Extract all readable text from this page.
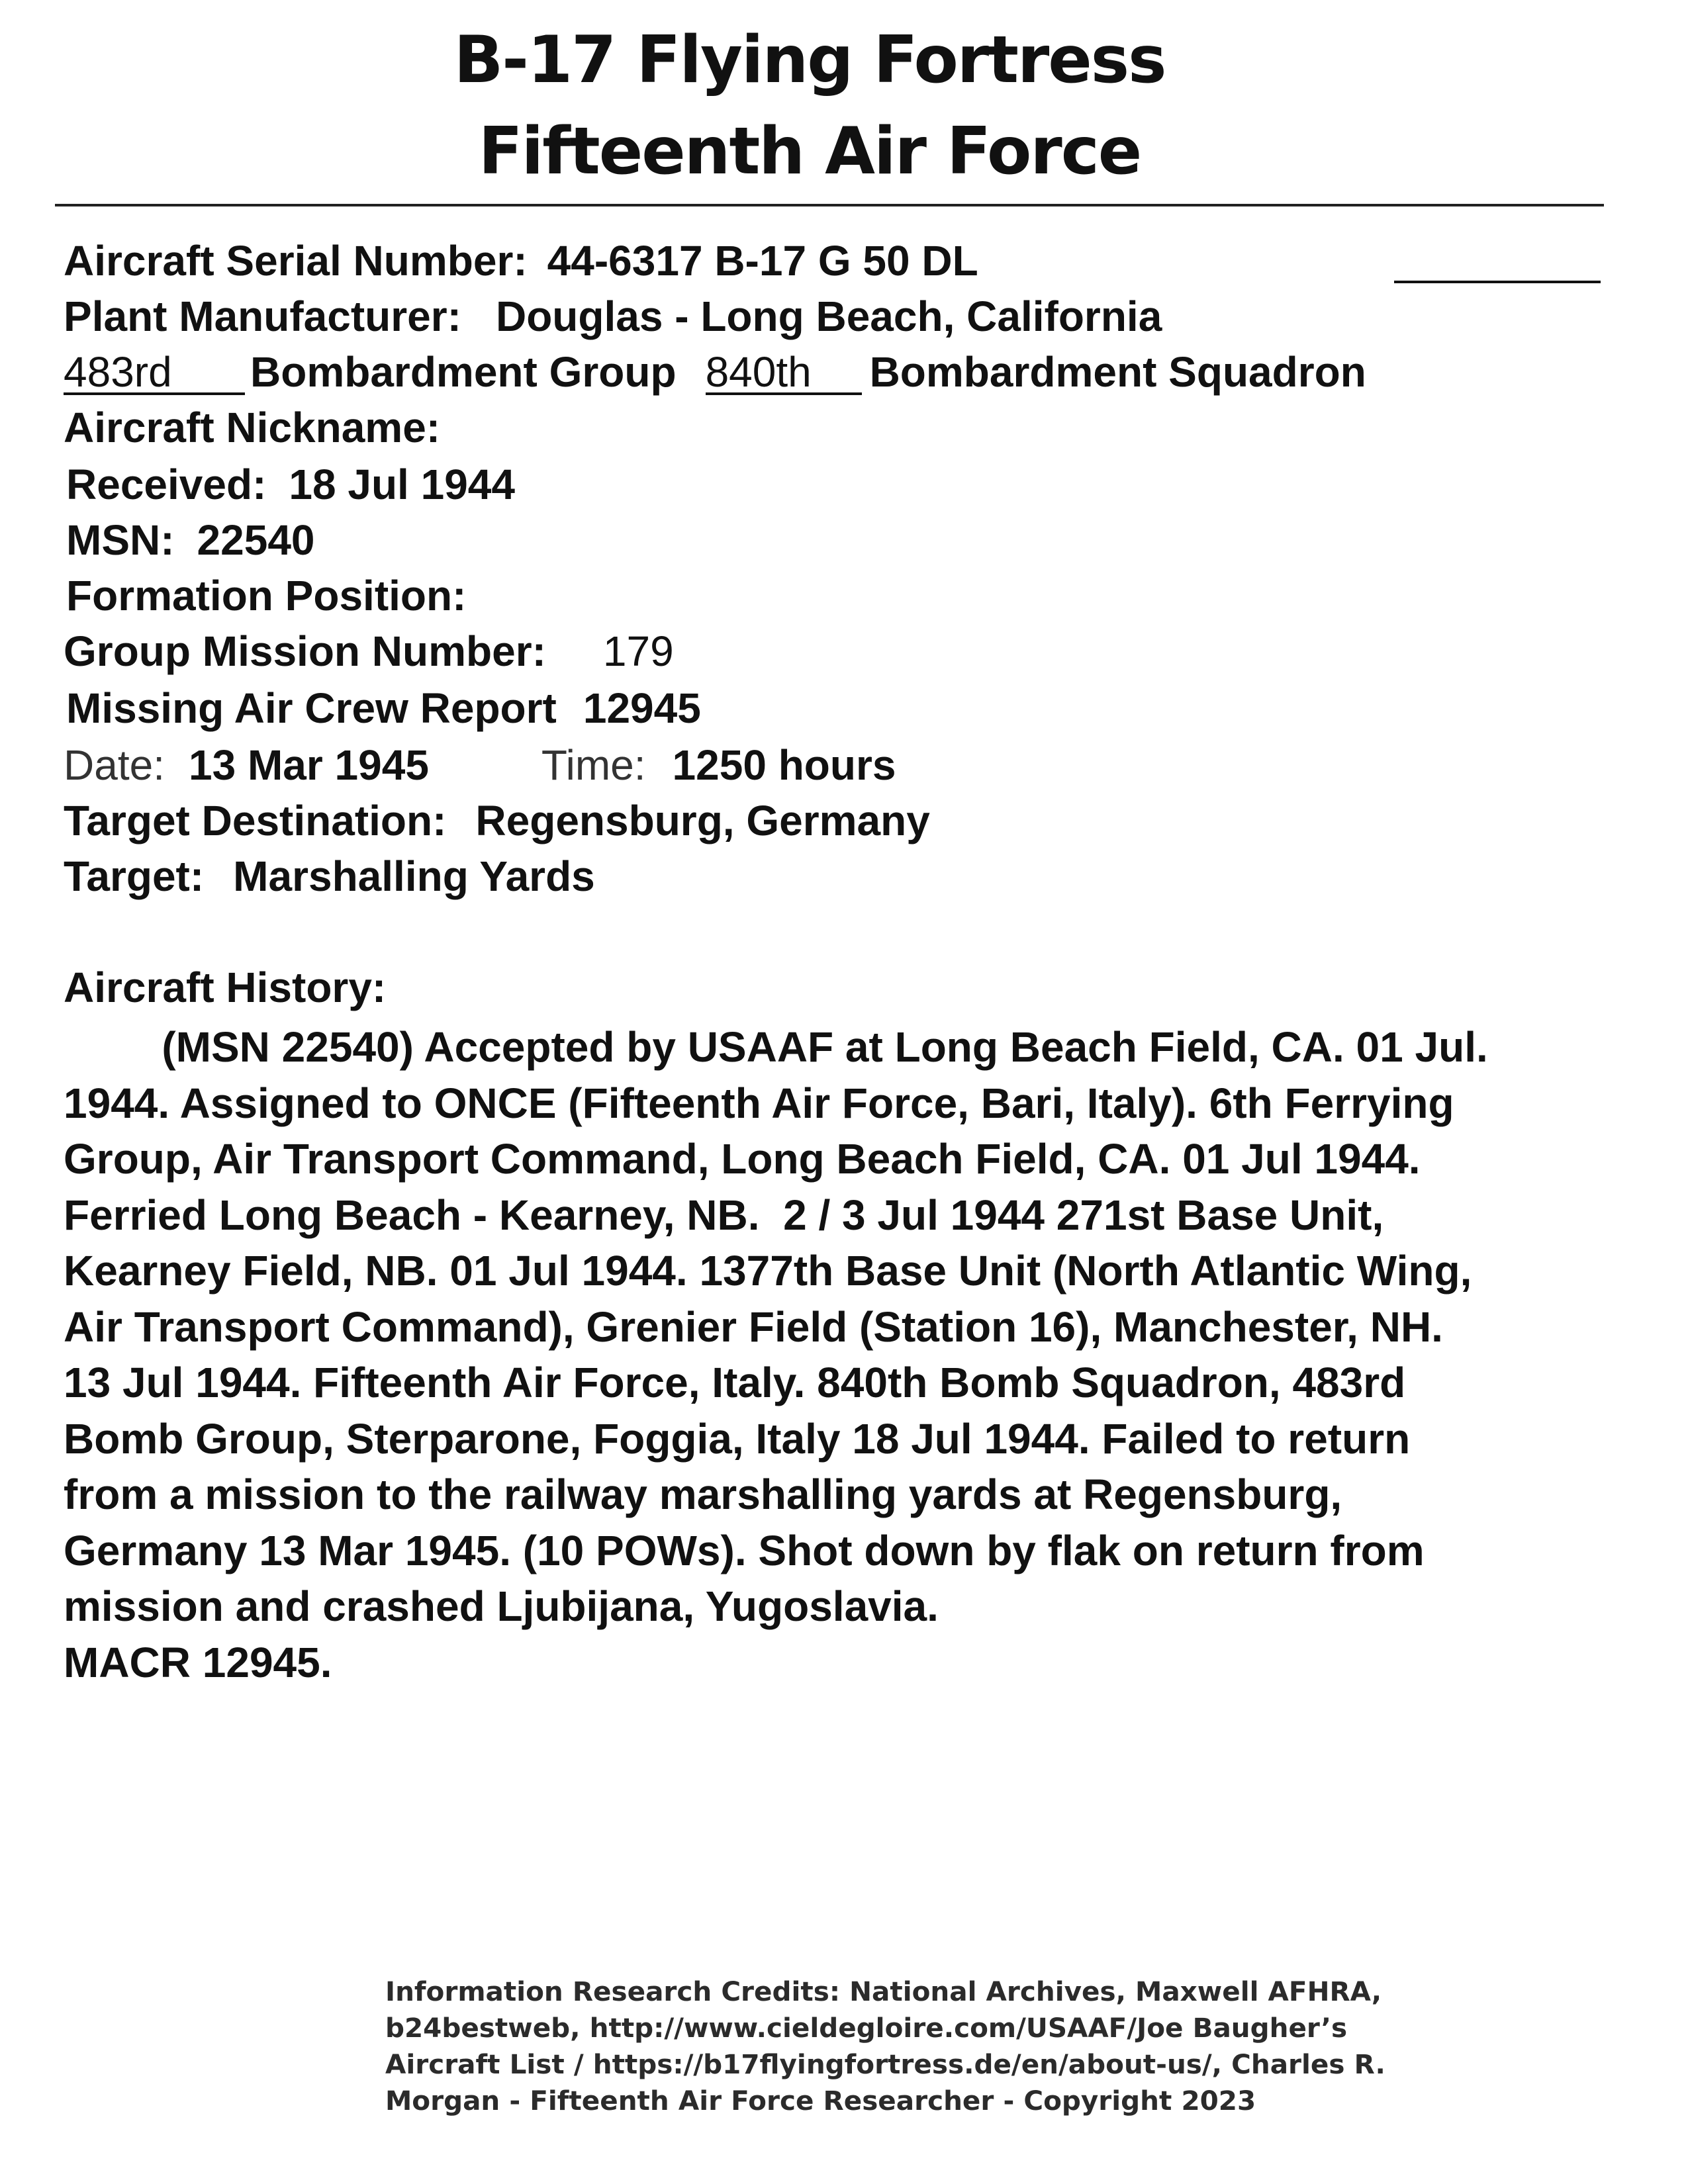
B-17 Flying Fortress
Fifteenth Air Force
Aircraft Serial Number: 44-6317 B-17 G 50 DL
Plant Manufacturer: Douglas - Long Beach, California
483rd Bombardment Group 840th Bombardment Squadron
Aircraft Nickname:
Received: 18 Jul 1944
MSN: 22540
Formation Position:
Group Mission Number: 179
Missing Air Crew Report 12945
Date: 13 Mar 1945	Time: 1250 hours
Target Destination: Regensburg, Germany
Target: Marshalling Yards
Aircraft History:
(MSN 22540) Accepted by USAAF at Long Beach Field, CA. 01 Jul.
1944. Assigned to ONCE (Fifteenth Air Force, Bari, Italy). 6th Ferrying
Group, Air Transport Command, Long Beach Field, CA. 01 Jul 1944.
Ferried Long Beach - Kearney, NB.  2 / 3 Jul 1944 271st Base Unit,
Kearney Field, NB. 01 Jul 1944. 1377th Base Unit (North Atlantic Wing,
Air Transport Command), Grenier Field (Station 16), Manchester, NH.
13 Jul 1944. Fifteenth Air Force, Italy. 840th Bomb Squadron, 483rd
Bomb Group, Sterparone, Foggia, Italy 18 Jul 1944. Failed to return
from a mission to the railway marshalling yards at Regensburg,
Germany 13 Mar 1945. (10 POWs). Shot down by flak on return from
mission and crashed Ljubijana, Yugoslavia.
MACR 12945.
Information Research Credits: National Archives, Maxwell AFHRA,
b24bestweb, http://www.cieldegloire.com/USAAF/Joe Baugher’s
Aircraft List / https://b17flyingfortress.de/en/about-us/, Charles R.
Morgan - Fifteenth Air Force Researcher - Copyright 2023
